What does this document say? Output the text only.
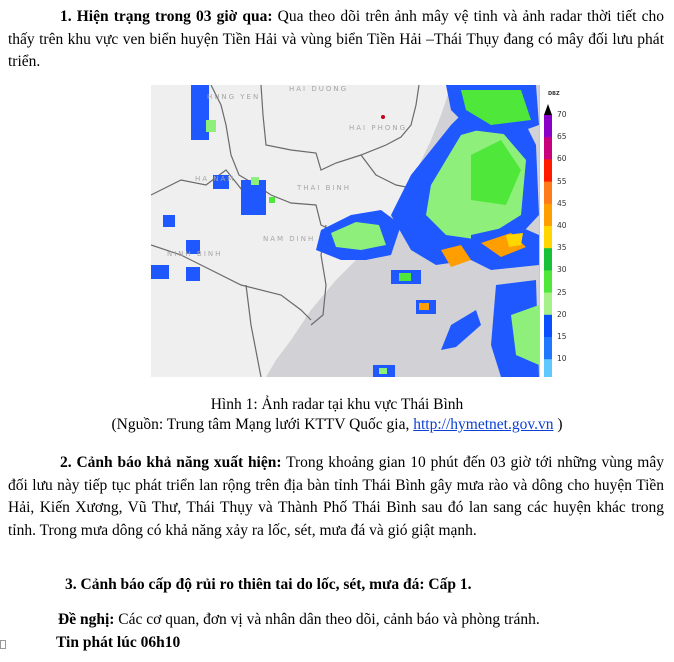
1. Hiện trạng trong 03 giờ qua: Qua theo dõi trên ảnh mây vệ tinh và ảnh radar thời tiết cho thấy trên khu vực ven biển huyện Tiền Hải và vùng biển Tiền Hải –Thái Thụy đang có mây đối lưu phát triển.

HUNG YEN
HAI DUONG
HAI PHONG
HA NAM
THAI BINH
NAM DINH
NINH BINH
DBZ
70
65
60
55
45
40
35
30
25
20
15
10

Hình 1: Ảnh radar tại khu vực Thái Bình

(Nguồn: Trung tâm Mạng lưới KTTV Quốc gia, http://hymetnet.gov.vn )

2. Cảnh báo khả năng xuất hiện: Trong khoảng gian 10 phút đến 03 giờ tới những vùng mây đối lưu này tiếp tục phát triển lan rộng trên địa bàn tỉnh Thái Bình gây mưa rào và dông cho huyện Tiền Hải, Kiến Xương, Vũ Thư, Thái Thụy và Thành Phố Thái Bình sau đó lan sang các huyện khác trong tỉnh. Trong mưa dông có khả năng xảy ra lốc, sét, mưa đá và gió giật mạnh.

3. Cảnh báo cấp độ rủi ro thiên tai do lốc, sét, mưa đá: Cấp 1.

Đề nghị: Các cơ quan, đơn vị và nhân dân theo dõi, cảnh báo và phòng tránh.

Tin phát lúc 06h10
